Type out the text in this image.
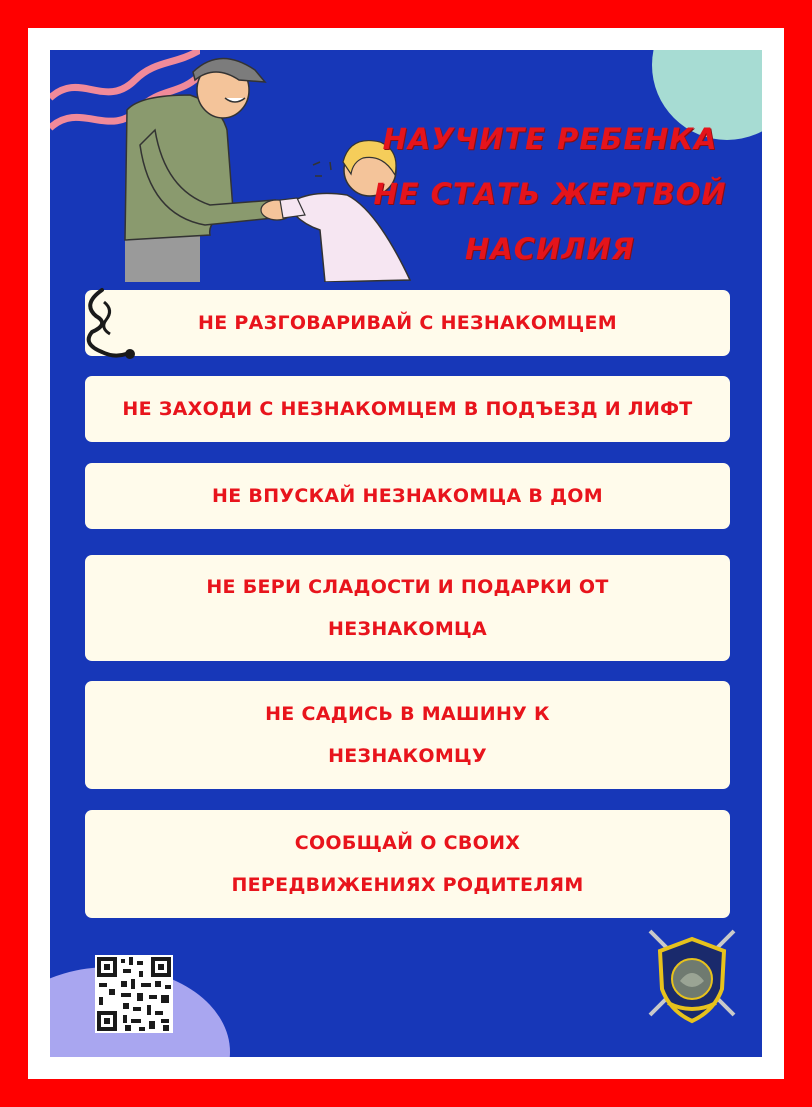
НАУЧИТЕ РЕБЕНКА
НЕ СТАТЬ ЖЕРТВОЙ
НАСИЛИЯ
НЕ РАЗГОВАРИВАЙ С НЕЗНАКОМЦЕМ
НЕ ЗАХОДИ С НЕЗНАКОМЦЕМ В ПОДЪЕЗД И ЛИФТ
НЕ ВПУСКАЙ НЕЗНАКОМЦА В ДОМ
НЕ БЕРИ СЛАДОСТИ И ПОДАРКИ ОТ
НЕЗНАКОМЦА
НЕ САДИСЬ В МАШИНУ К
НЕЗНАКОМЦУ
СООБЩАЙ О СВОИХ
ПЕРЕДВИЖЕНИЯХ РОДИТЕЛЯМ
